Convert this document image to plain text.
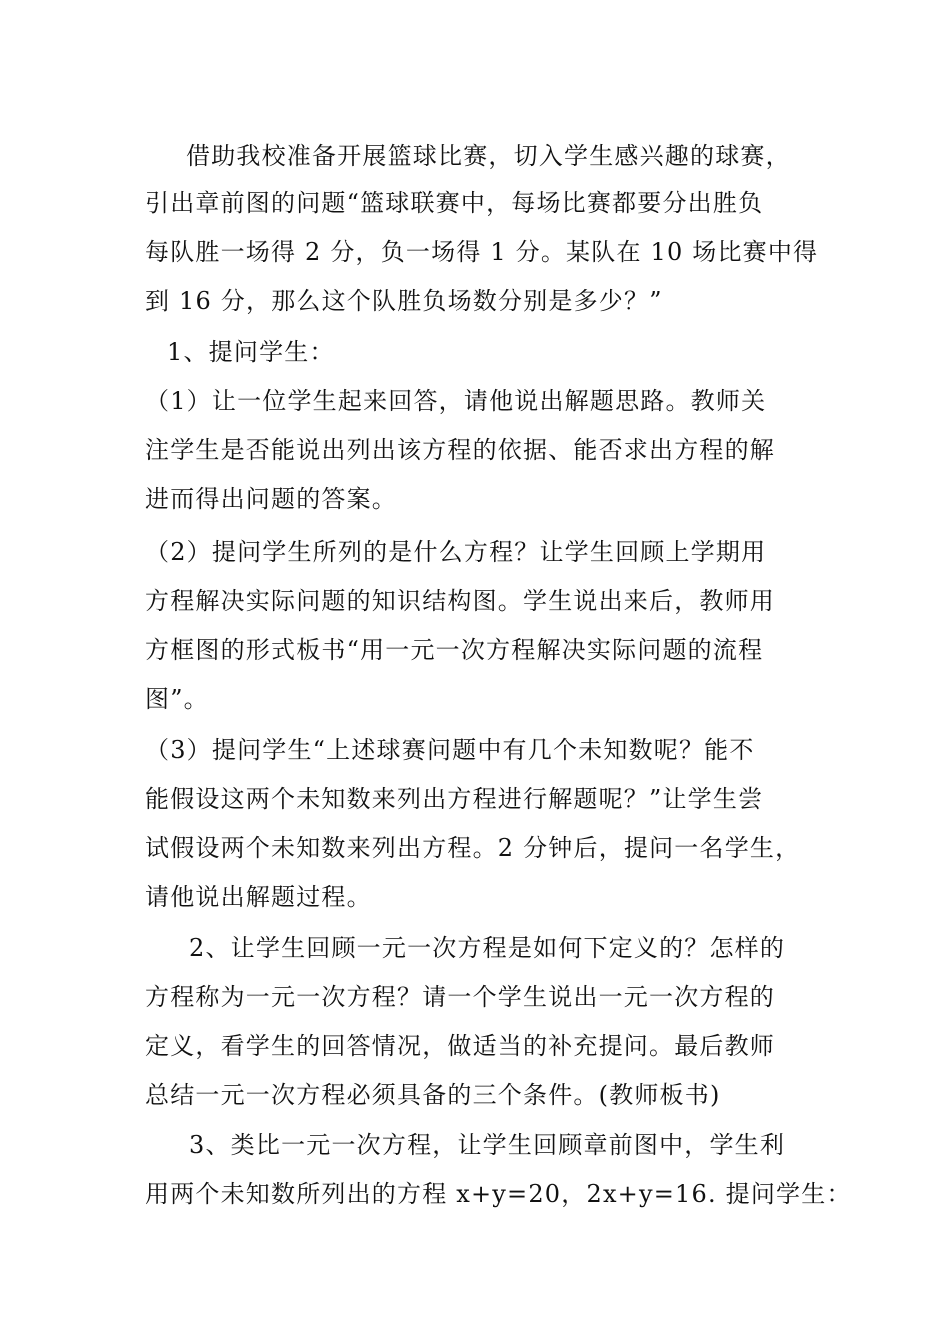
借助我校准备开展篮球比赛，切入学生感兴趣的球赛，
引出章前图的问题“篮球联赛中，每场比赛都要分出胜负
每队胜一场得 2 分，负一场得 1 分。某队在 10 场比赛中得
到 16 分，那么这个队胜负场数分别是多少？”
1、提问学生：
（1）让一位学生起来回答，请他说出解题思路。教师关
注学生是否能说出列出该方程的依据、能否求出方程的解
进而得出问题的答案。
（2）提问学生所列的是什么方程？让学生回顾上学期用
方程解决实际问题的知识结构图。学生说出来后，教师用
方框图的形式板书“用一元一次方程解决实际问题的流程
图”。
（3）提问学生“上述球赛问题中有几个未知数呢？能不
能假设这两个未知数来列出方程进行解题呢？”让学生尝
试假设两个未知数来列出方程。2 分钟后，提问一名学生，
请他说出解题过程。
2、让学生回顾一元一次方程是如何下定义的？怎样的
方程称为一元一次方程？请一个学生说出一元一次方程的
定义，看学生的回答情况，做适当的补充提问。最后教师
总结一元一次方程必须具备的三个条件。(教师板书)
3、类比一元一次方程，让学生回顾章前图中，学生利
用两个未知数所列出的方程 x+y=20，2x+y=16. 提问学生：
